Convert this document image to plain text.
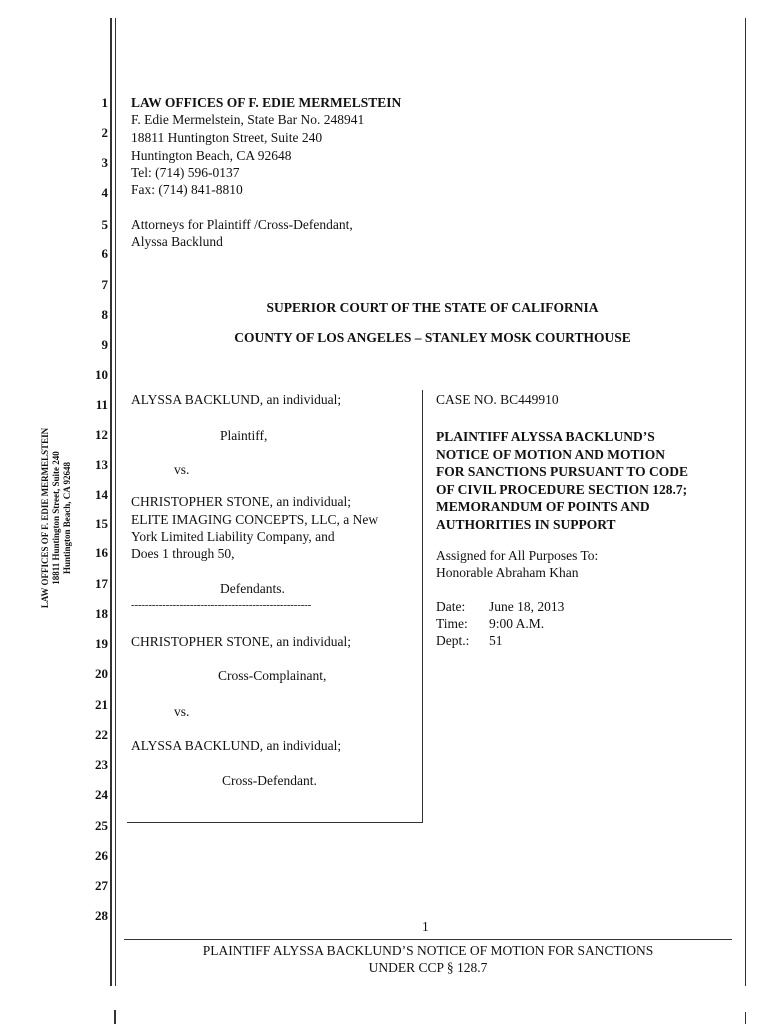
1
2
3
4
5
6
7
8
9
10
11
12
13
14
15
16
17
18
19
20
21
22
23
24
25
26
27
28
LAW OFFICES OF F. EDIE MERMELSTEIN 18811 Huntington Street, Suite 240 Huntington Beach, CA 92648
LAW OFFICES OF F. EDIE MERMELSTEIN
F. Edie Mermelstein, State Bar No. 248941
18811 Huntington Street, Suite 240
Huntington Beach, CA 92648
Tel: (714) 596-0137
Fax: (714) 841-8810
Attorneys for Plaintiff /Cross-Defendant,
Alyssa Backlund
SUPERIOR COURT OF THE STATE OF CALIFORNIA
COUNTY OF LOS ANGELES – STANLEY MOSK COURTHOUSE
ALYSSA BACKLUND, an individual;
Plaintiff,
vs.
CHRISTOPHER STONE, an individual;
ELITE IMAGING CONCEPTS, LLC, a New
York Limited Liability Company, and
Does 1 through 50,
Defendants.
----------------------------------------------------
CHRISTOPHER STONE, an individual;
Cross-Complainant,
vs.
ALYSSA BACKLUND, an individual;
Cross-Defendant.
CASE NO. BC449910
PLAINTIFF ALYSSA BACKLUND’S
NOTICE OF MOTION AND MOTION
FOR SANCTIONS PURSUANT TO CODE
OF CIVIL PROCEDURE SECTION 128.7;
MEMORANDUM OF POINTS AND
AUTHORITIES IN SUPPORT
Assigned for All Purposes To:
Honorable Abraham Khan
Date: June 18, 2013
Time: 9:00 A.M.
Dept.: 51
1
PLAINTIFF ALYSSA BACKLUND’S NOTICE OF MOTION FOR SANCTIONS
UNDER CCP § 128.7
